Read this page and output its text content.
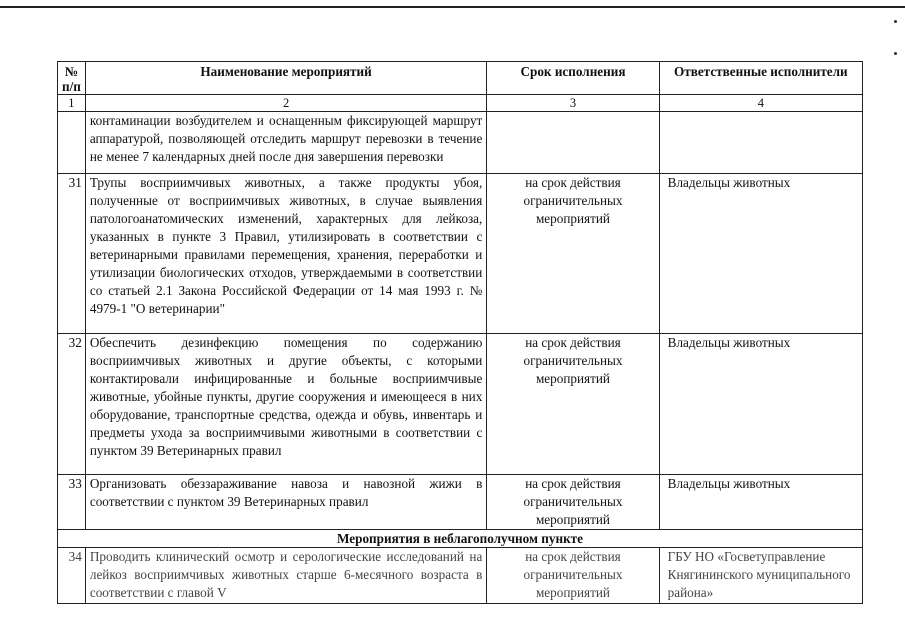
№ п/п	Наименование мероприятий	Срок исполнения	Ответственные исполнители
1	2	3	4
	контаминации возбудителем и оснащенным фиксирующей маршрут аппаратурой, позволяющей отследить маршрут перевозки в течение не менее 7 календарных дней после дня завершения перевозки		
31	Трупы восприимчивых животных, а также продукты убоя, полученные от восприимчивых животных, в случае выявления патологоанатомических изменений, характерных для лейкоза, указанных в пункте 3 Правил, утилизировать в соответствии с ветеринарными правилами перемещения, хранения, переработки и утилизации биологических отходов, утверждаемыми в соответствии со статьей 2.1 Закона Российской Федерации от 14 мая 1993 г. № 4979-1 "О ветеринарии"	на срок действия ограничительных мероприятий	Владельцы животных
32	Обеспечить дезинфекцию помещения по содержанию восприимчивых животных и другие объекты, с которыми контактировали инфицированные и больные восприимчивые животные, убойные пункты, другие сооружения и имеющееся в них оборудование, транспортные средства, одежда и обувь, инвентарь и предметы ухода за восприимчивыми животными в соответствии с пунктом 39 Ветеринарных правил	на срок действия ограничительных мероприятий	Владельцы животных
33	Организовать обеззараживание навоза и навозной жижи в соответствии с пунктом 39 Ветеринарных правил	на срок действия ограничительных мероприятий	Владельцы животных
Мероприятия в неблагополучном пункте			
34	Проводить клинический осмотр и серологические исследований на лейкоз восприимчивых животных старше 6-месячного возраста в соответствии с главой V	на срок действия ограничительных мероприятий	ГБУ НО «Госветуправление Княгининского муниципального района»
